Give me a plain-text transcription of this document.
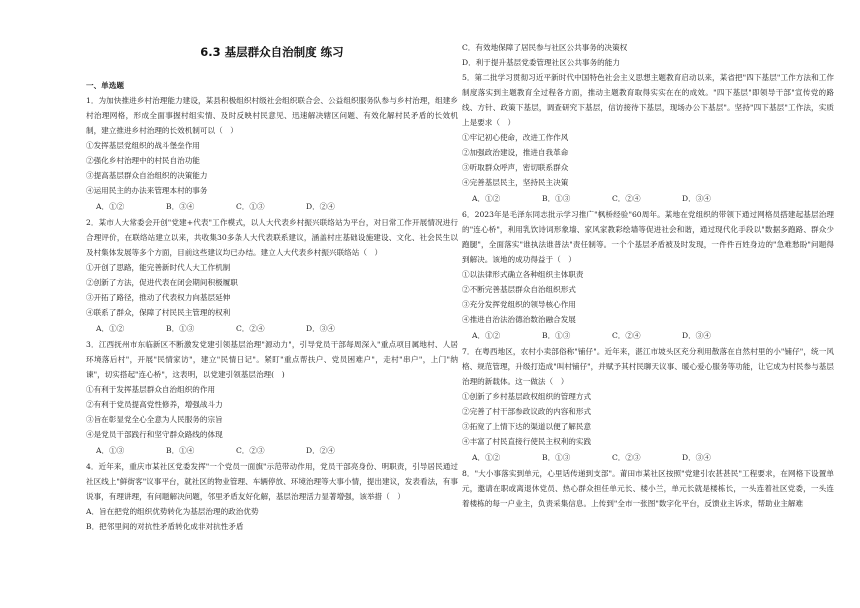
6.3 基层群众自治制度 练习
一、单选题
1．为加快推进乡村治理能力建设，某县积极组织村级社会组织联合会、公益组织服务队参与乡村治理，组建乡村治理网格，形成全面事握村组实情、及时反映村民意见、迅速解决辖区问题、有效化解村民矛盾的长效机制，建立推进乡村治理的长效机制可以（　）
①发挥基层党组织的战斗堡垒作用
②强化乡村治理中的村民自治功能
③提高基层群众自治组织的决策能力
④运用民主的办法来管理本村的事务
A．①②	B．③④	C．①③	D．②④
2．某市人大常委会开创"党建+代表"工作模式，以人大代表乡村振兴联络站为平台，对日常工作开展情况进行合理评价，在联络站建立以来，共收集30多条人大代表联系建议，涵盖村庄基础设施建设、文化、社会民生以及村集体发展等多个方面，目前这些建议均已办结。建立人大代表乡村振兴联络站（　）
①开创了思路，能完善新时代人大工作机制
②创新了方法，促进代表在闭会期间积极履职
③开拓了路径，推动了代表权力向基层延伸
④联系了群众，保障了村民民主管理的权利
A．①②	B．①③	C．②④	D．③④
3．江西抚州市东临新区不断激发党建引领基层治理"源动力"，引导党员干部每周深入"重点项目属地村、人居环境落后村"，开展"民情家访"，建立"民情日记"。紧盯"重点帮扶户、党员困难户"，走村"串户"，上门"纳谏"，切实搭起"连心桥"，这表明，以党建引领基层治理(　)
①有利于发挥基层群众自治组织的作用
②有利于党员提高党性修养，增强战斗力
③旨在彰显党全心全意为人民服务的宗旨
④是党员干部践行和坚守群众路线的体现
A．①③	B．①④	C．②③	D．②④
4．近年来，重庆市某社区党委发挥"一个党员一面旗"示范带动作用，党员干部亮身份、明职责，引导居民通过社区线上"鲜街客"议事平台，就社区的物业管理、车辆停放、环境治理等大事小情，提出建议，发表看法，有事说事，有理讲理，有问题解决问题，邻里矛盾友好化解，基层治理活力显著增强，该举措（　）
A．旨在把党的组织优势转化为基层治理的政治优势
B．把邻里间的对抗性矛盾转化成非对抗性矛盾
C．有效地保障了居民参与社区公共事务的决策权
D．利于提升基层党委管理社区公共事务的能力
5．第二批学习贯彻习近平新时代中国特色社会主义思想主题教育启动以来，某省把"四下基层"工作方法和工作制度落实到主题教育全过程各方面，推动主题教育取得实实在在的成效。"四下基层"即领导干部"宣传党的路线、方针、政策下基层，调查研究下基层，信访接待下基层，现场办公下基层"。坚持"四下基层"工作法，实质上是要求（　）
①牢记初心使命，改进工作作风
②加强政治建设，推进自我革命
③听取群众呼声，密切联系群众
④完善基层民主，坚持民主决策
A．①②	B．①③	C．②④	D．③④
6．2023年是毛泽东同志批示学习推广"枫桥经验"60周年。某地在党组织的带领下通过网格员搭建起基层治理的"连心桥"，利用乳饮诗词形象墙、家风家教彩绘墙等促进社会和谐，通过现代化手段以"数据多跑路、群众少跑腿"，全面落实"谁执法谁普法"责任制等。一个个基层矛盾被及时发现，一件件百姓身边的"急难愁盼"问题得到解决。该地的成功得益于（　）
①以法律形式确立各种组织主体职责
②不断完善基层群众自治组织形式
③充分发挥党组织的领导核心作用
④推进自治法治德治数治融合发展
A．①②	B．①③	C．②④	D．③④
7．在粤西地区，农村小卖部俗称"铺仔"。近年来，湛江市坡头区充分利用散落在自然村里的小"铺仔"，统一风格、规范管理，升级打造成"叫村铺仔"，并赋予其村民聊天议事、暖心爱心服务等功能，让它成为村民参与基层治理的新载体。这一做法（　）
①创新了乡村基层政权组织的管理方式
②完善了村干部参政议政的内容和形式
③拓宽了上情下达的渠道以便了解民意
④丰富了村民直接行使民主权利的实践
A．①②	B．①③	C．②③	D．③④
8．"大小事落实到单元，心里话传递到支部"。莆田市某社区按照"党建引农甚甚民"工程要求，在网格下设置单元，邀请在职或离退休党员、热心群众担任单元长、楼小兰，单元长就是楼栋长，一头连着社区党委，一头连着楼栋的每一户业主，负责采集信息。上传到"全市一张图"数字化平台，反馈业主诉求，帮助业主解难
